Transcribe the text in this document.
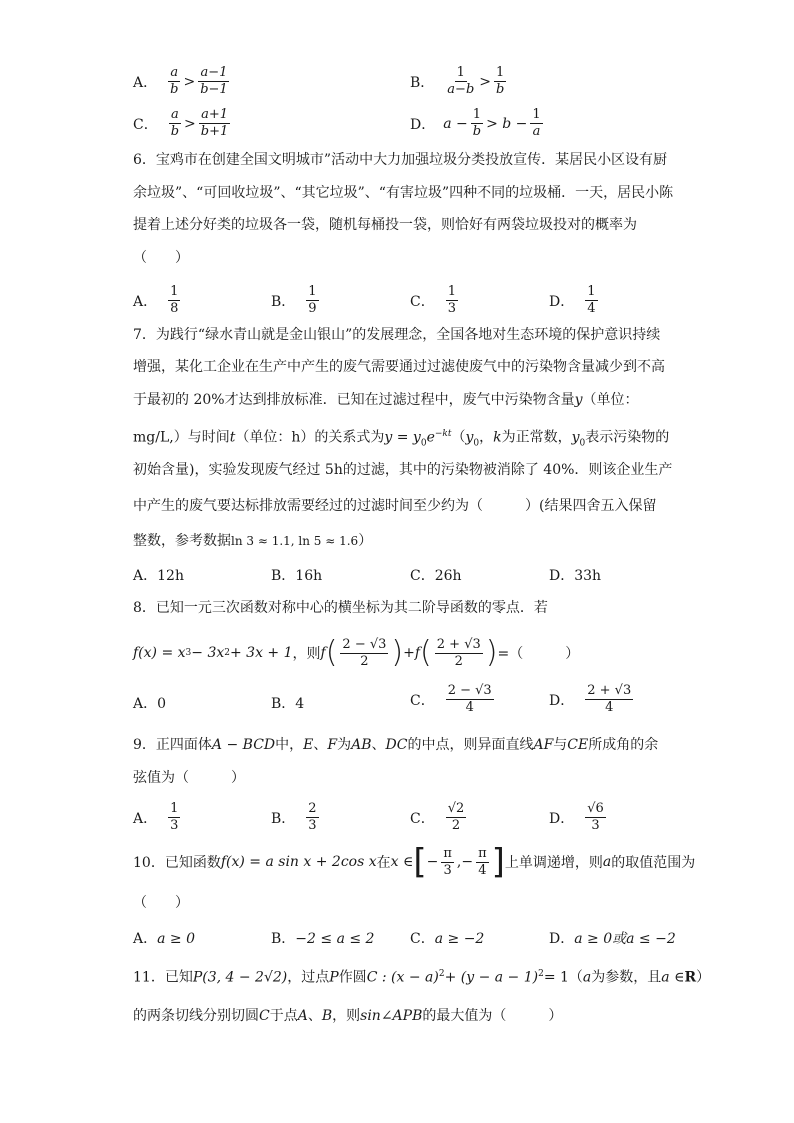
A．
a
b >
a−1
b−1	B．
1
a−b >
1
b
C．
a
b >
a+1
b+1	D． $a - \frac{1}{b} > b - \frac{1}{a}$
6．宝鸡市在创建全国文明城市”活动中大力加强垃圾分类投放宣传．某居民小区设有厨
余垃圾”、“可回收垃圾”、“其它垃圾”、“有害垃圾”四种不同的垃圾桶．一天，居民小陈
提着上述分好类的垃圾各一袋，随机每桶投一袋，则恰好有两袋垃圾投对的概率为
（　　）
A．
1
8	B．
1
9	C．
1
3	D．
1
4
7．为践行“绿水青山就是金山银山”的发展理念，全国各地对生态环境的保护意识持续
增强，某化工企业在生产中产生的废气需要通过过滤使废气中的污染物含量减少到不高
于最初的 20%才达到排放标准．已知在过滤过程中，废气中污染物含量y（单位：
mg/L,）与时间t（单位：h）的关系式为$y = y_0e^{-kt}(y_0$，k为正常数，$y_0$表示污染物的
初始含量)，实验发现废气经过 5h的过滤，其中的污染物被消除了 40%．则该企业生产
中产生的废气要达标排放需要经过的过滤时间至少约为（　　　）(结果四舍五入保留
整数，参考数据ln 3 ≈ 1.1, ln 5 ≈ 1.6）
A．12h	B．16h	C．26h	D．33h
8．已知一元三次函数对称中心的横坐标为其二阶导函数的零点．若
f(x) = x 3 − 3x 2 + 3x + 1 ，则 f ( 2 − √3
2 ) + f ( 2 + √3
2 ) =（　　　）
A．0	B．4	C．
2 − √3
4	D．
2 + √3
4
9．正四面体A − BCD中，E、F为AB、DC的中点，则异面直线AF与CE所成角的余
弦值为（　　　）
A．
1
3	B．
2
3	C．
√2
2	D．
√6
3
10．已知函数 f(x) = a sin x + 2cos x 在 x ∈ [ − $\frac{\pi}{3}$ , − $\frac{\pi}{4}$ ] 上单调递增，则 a 的取值范围为
（　　）
A．a ≥ 0	B．−2 ≤ a ≤ 2	C．a ≥ −2	D．a ≥ 0或a ≤ −2
11．已知P(3, 4 − 2√2)，过点P作圆C : $(x - a)^2+ (y - a - 1)^2= 1(a$为参数，且a ∈R）
的两条切线分别切圆C于点A、B，则sin∠APB的最大值为（　　　）
